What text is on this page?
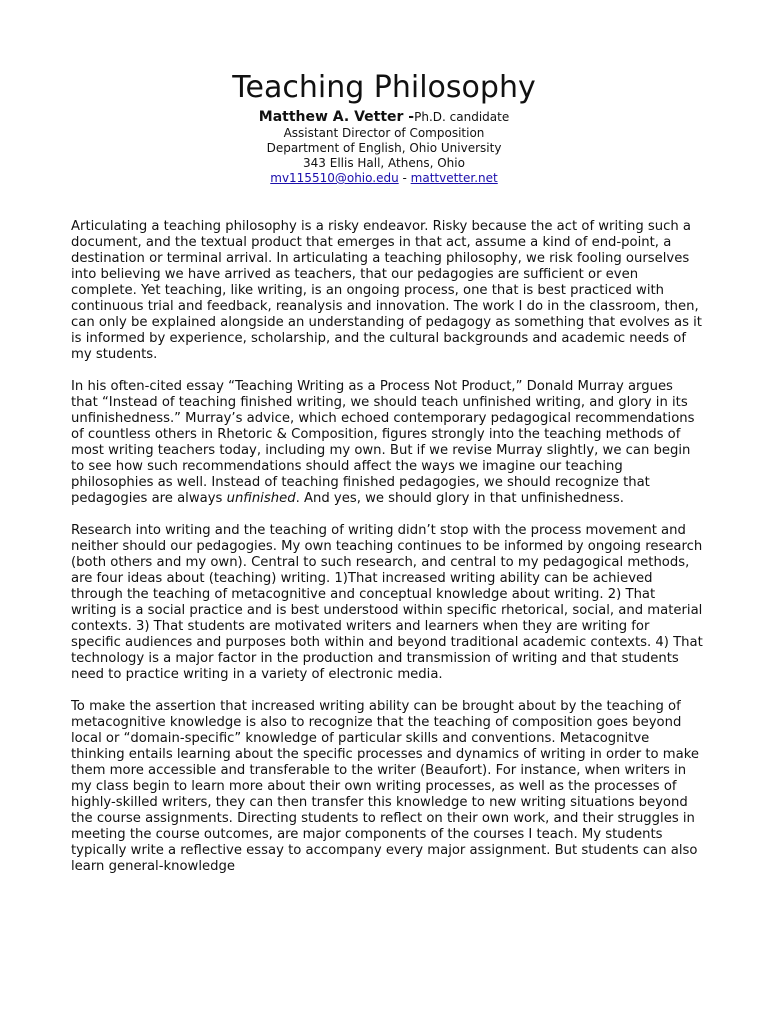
Teaching Philosophy
Matthew A. Vetter -Ph.D. candidate
Assistant Director of Composition
Department of English, Ohio University
343 Ellis Hall, Athens, Ohio
mv115510@ohio.edu - mattvetter.net

Articulating a teaching philosophy is a risky endeavor. Risky because the act of writing such a document, and the textual product that emerges in that act, assume a kind of end-point, a destination or terminal arrival. In articulating a teaching philosophy, we risk fooling ourselves into believing we have arrived as teachers, that our pedagogies are sufficient or even complete. Yet teaching, like writing, is an ongoing process, one that is best practiced with continuous trial and feedback, reanalysis and innovation. The work I do in the classroom, then, can only be explained alongside an understanding of pedagogy as something that evolves as it is informed by experience, scholarship, and the cultural backgrounds and academic needs of my students.

In his often-cited essay “Teaching Writing as a Process Not Product,” Donald Murray argues that “Instead of teaching finished writing, we should teach unfinished writing, and glory in its unfinishedness.” Murray’s advice, which echoed contemporary pedagogical recommendations of countless others in Rhetoric & Composition, figures strongly into the teaching methods of most writing teachers today, including my own. But if we revise Murray slightly, we can begin to see how such recommendations should affect the ways we imagine our teaching philosophies as well. Instead of teaching finished pedagogies, we should recognize that pedagogies are always unfinished. And yes, we should glory in that unfinishedness.

Research into writing and the teaching of writing didn’t stop with the process movement and neither should our pedagogies. My own teaching continues to be informed by ongoing research (both others and my own). Central to such research, and central to my pedagogical methods, are four ideas about (teaching) writing. 1)That increased writing ability can be achieved through the teaching of metacognitive and conceptual knowledge about writing. 2) That writing is a social practice and is best understood within specific rhetorical, social, and material contexts. 3) That students are motivated writers and learners when they are writing for specific audiences and purposes both within and beyond traditional academic contexts. 4) That technology is a major factor in the production and transmission of writing and that students need to practice writing in a variety of electronic media.

To make the assertion that increased writing ability can be brought about by the teaching of metacognitive knowledge is also to recognize that the teaching of composition goes beyond local or “domain-specific” knowledge of particular skills and conventions. Metacognitve thinking entails learning about the specific processes and dynamics of writing in order to make them more accessible and transferable to the writer (Beaufort). For instance, when writers in my class begin to learn more about their own writing processes, as well as the processes of highly-skilled writers, they can then transfer this knowledge to new writing situations beyond the course assignments. Directing students to reflect on their own work, and their struggles in meeting the course outcomes, are major components of the courses I teach. My students typically write a reflective essay to accompany every major assignment. But students can also learn general-knowledge
